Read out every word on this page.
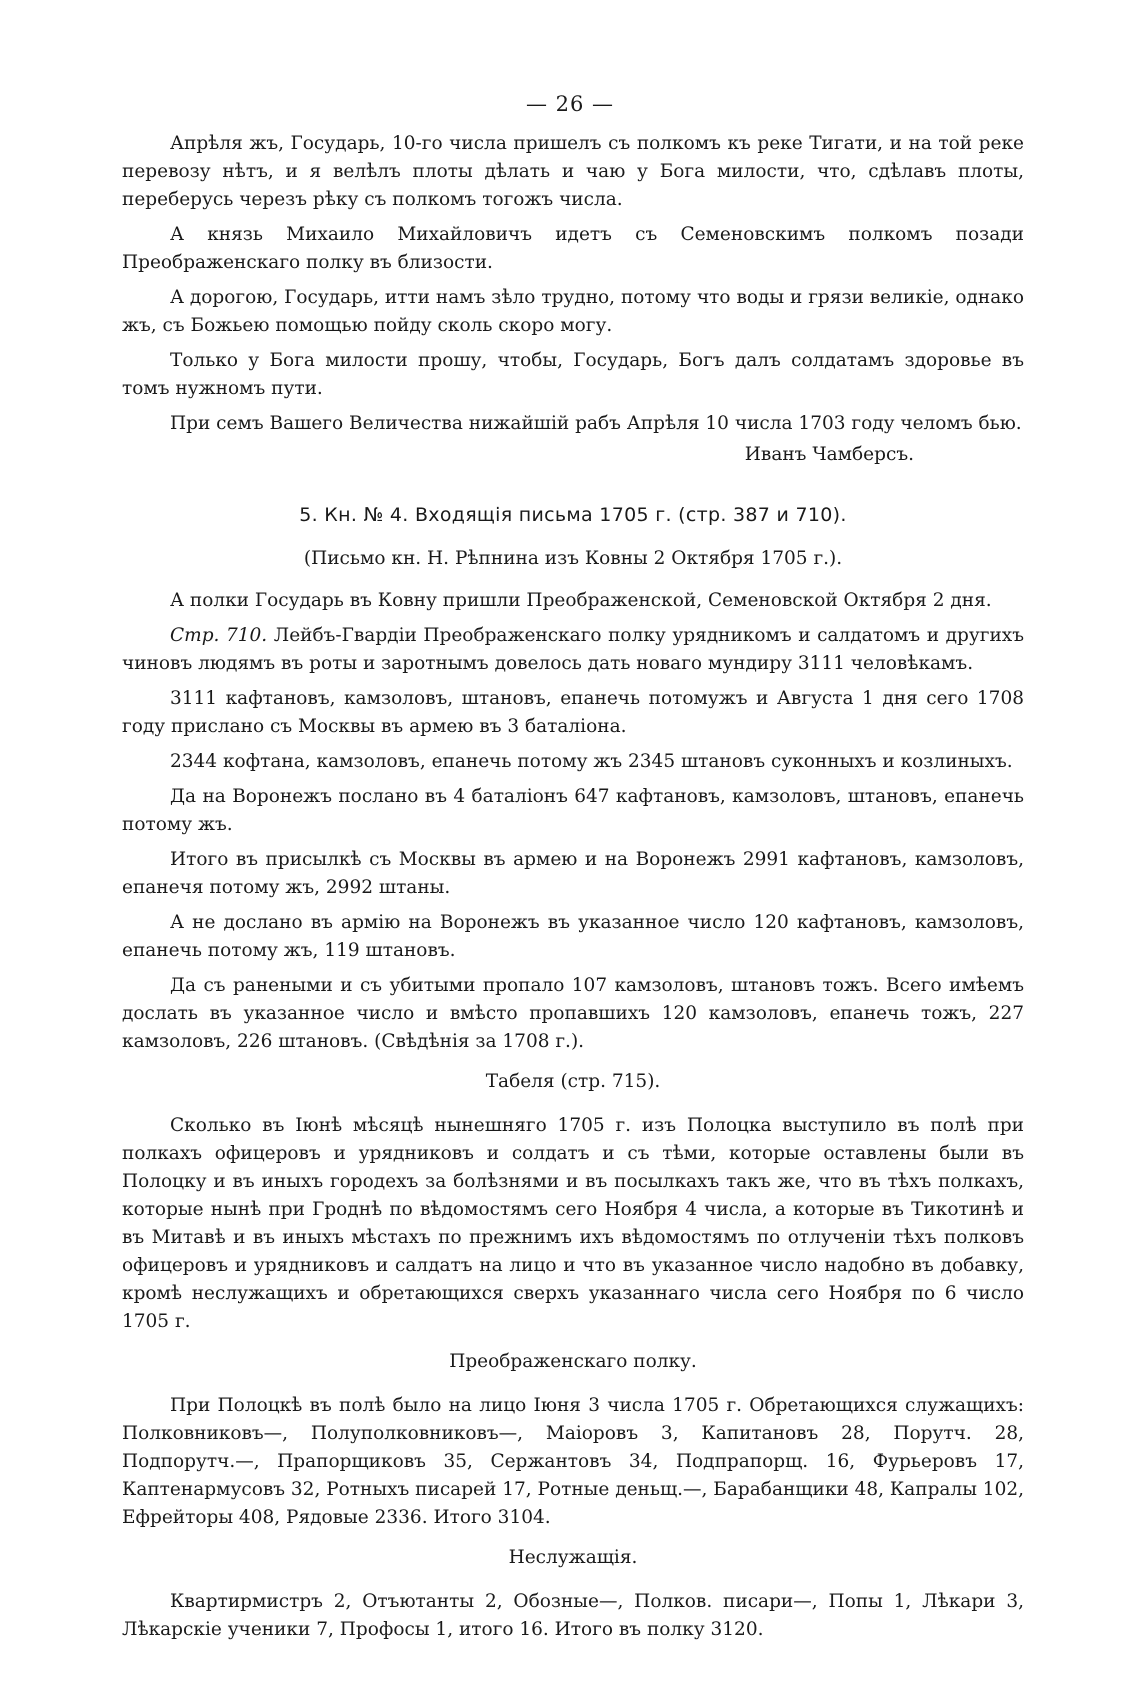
— 26 —

Апрѣля жъ, Государь, 10-го числа пришелъ съ полкомъ къ реке Тигати, и на той реке перевозу нѣтъ, и я велѣлъ плоты дѣлать и чаю у Бога милости, что, сдѣлавъ плоты, переберусь черезъ рѣку съ полкомъ тогожъ числа.

А князь Михаило Михайловичъ идетъ съ Семеновскимъ полкомъ позади Преображенскаго полку въ близости.

А дорогою, Государь, итти намъ зѣло трудно, потому что воды и грязи великіе, однако жъ, съ Божьею помощью пойду сколь скоро могу.

Только у Бога милости прошу, чтобы, Государь, Богъ далъ солдатамъ здоровье въ томъ нужномъ пути.

При семъ Вашего Величества нижайшій рабъ Апрѣля 10 числа 1703 году челомъ бью.

Иванъ Чамберсъ.
5. Кн. № 4. Входящія письма 1705 г. (стр. 387 и 710).
(Письмо кн. Н. Рѣпнина изъ Ковны 2 Октября 1705 г.).

А полки Государь въ Ковну пришли Преображенской, Семеновской Октября 2 дня.

Стр. 710. Лейбъ-Гвардіи Преображенскаго полку урядникомъ и салдатомъ и другихъ чиновъ людямъ въ роты и заротнымъ довелось дать новаго мундиру 3111 человѣкамъ.

3111 кафтановъ, камзоловъ, штановъ, епанечь потомужъ и Августа 1 дня сего 1708 году прислано съ Москвы въ армею въ 3 баталіона.

2344 кофтана, камзоловъ, епанечь потому жъ 2345 штановъ суконныхъ и козлиныхъ.

Да на Воронежъ послано въ 4 баталіонъ 647 кафтановъ, камзоловъ, штановъ, епанечь потому жъ.

Итого въ присылкѣ съ Москвы въ армею и на Воронежъ 2991 кафтановъ, камзоловъ, епанечя потому жъ, 2992 штаны.

А не дослано въ армію на Воронежъ въ указанное число 120 кафтановъ, камзоловъ, епанечь потому жъ, 119 штановъ.

Да съ ранеными и съ убитыми пропало 107 камзоловъ, штановъ тожъ. Всего имѣемъ дослать въ указанное число и вмѣсто пропавшихъ 120 камзоловъ, епанечь тожъ, 227 камзоловъ, 226 штановъ. (Свѣдѣнія за 1708 г.).

Табеля (стр. 715).

Сколько въ Іюнѣ мѣсяцѣ нынешняго 1705 г. изъ Полоцка выступило въ полѣ при полкахъ офицеровъ и урядниковъ и солдатъ и съ тѣми, которые оставлены были въ Полоцку и въ иныхъ городехъ за болѣзнями и въ посылкахъ такъ же, что въ тѣхъ полкахъ, которые нынѣ при Гроднѣ по вѣдомостямъ сего Ноября 4 числа, а которые въ Тикотинѣ и въ Митавѣ и въ иныхъ мѣстахъ по прежнимъ ихъ вѣдомостямъ по отлученіи тѣхъ полковъ офицеровъ и урядниковъ и салдатъ на лицо и что въ указанное число надобно въ добавку, кромѣ неслужащихъ и обретающихся сверхъ указаннаго числа сего Ноября по 6 число 1705 г.

Преображенскаго полку.

При Полоцкѣ въ полѣ было на лицо Іюня 3 числа 1705 г. Обретающихся служащихъ: Полковниковъ—, Полуполковниковъ—, Маіоровъ 3, Капитановъ 28, Порутч. 28, Подпорутч.—, Прапорщиковъ 35, Сержантовъ 34, Подпрапорщ. 16, Фурьеровъ 17, Каптенармусовъ 32, Ротныхъ писарей 17, Ротные деньщ.—, Барабанщики 48, Капралы 102, Ефрейторы 408, Рядовые 2336. Итого 3104.

Неслужащія.

Квартирмистръ 2, Отъютанты 2, Обозные—, Полков. писари—, Попы 1, Лѣкари 3, Лѣкарскіе ученики 7, Профосы 1, итого 16. Итого въ полку 3120.
